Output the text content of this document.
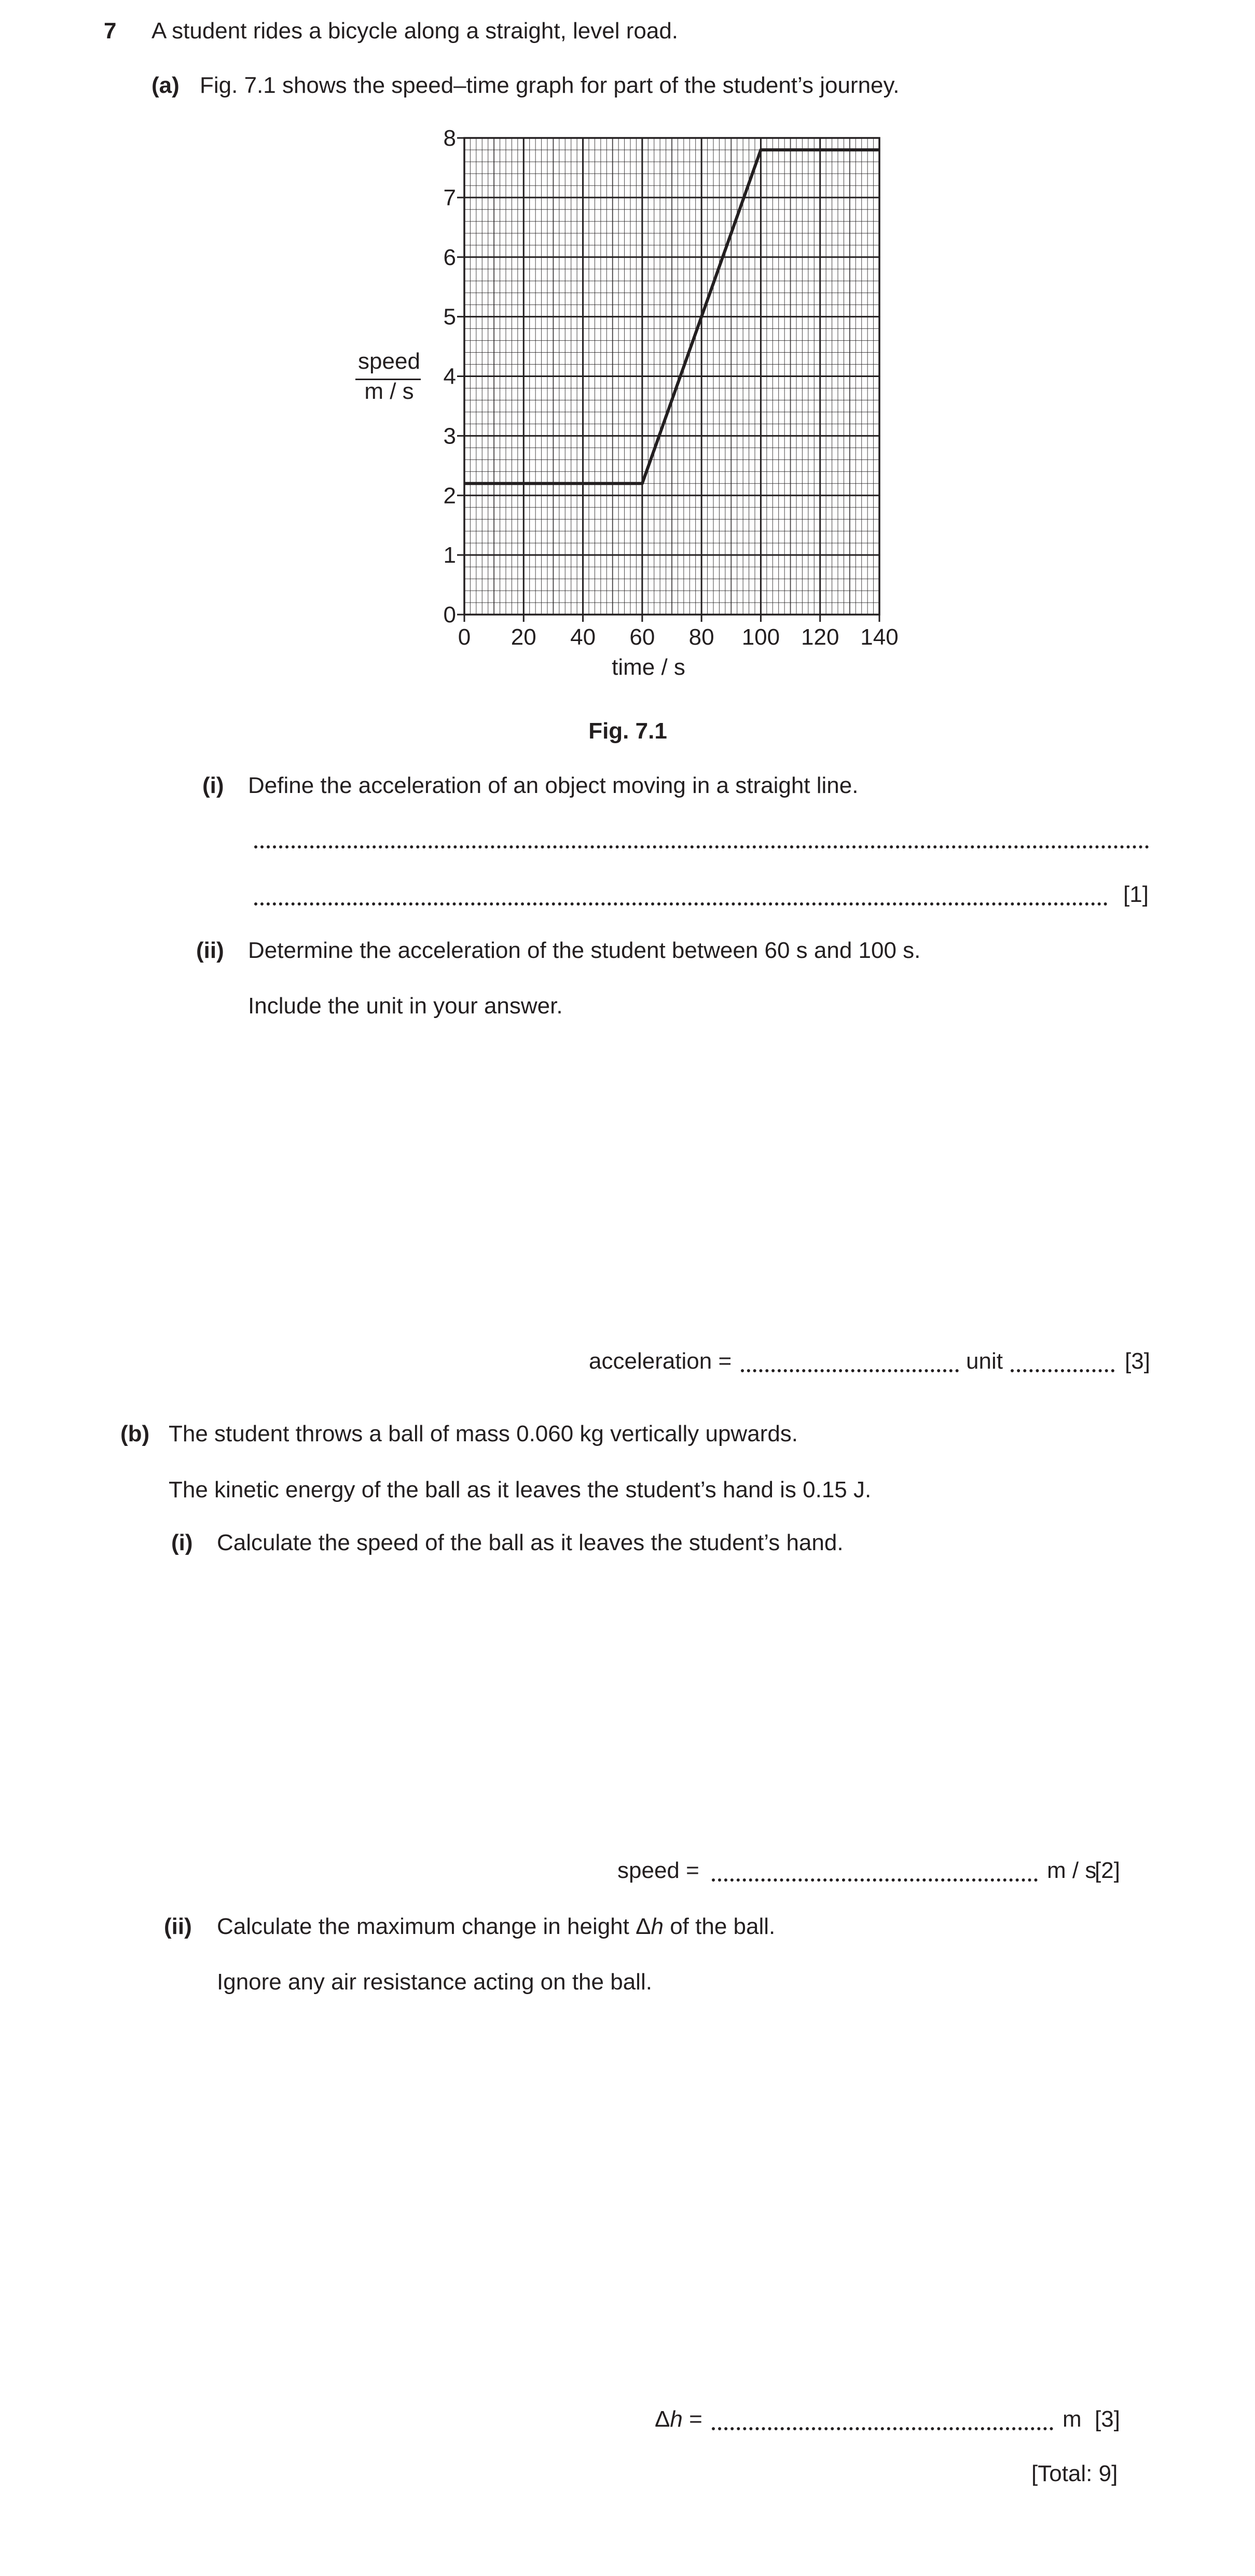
7 A student rides a bicycle along a straight, level road.
(a) Fig. 7.1 shows the speed–time graph for part of the student’s journey.
0 20 40 60 80 100 120 140
0
1
2
3
4
5
6
7
8
speed
m / s
time / s
Fig. 7.1
(i) Define the acceleration of an object moving in a straight line.
[1]
(ii) Determine the acceleration of the student between 60 s and 100 s.
Include the unit in your answer.
acceleration =	unit	[3]
(b) The student throws a ball of mass 0.060 kg vertically upwards.
The kinetic energy of the ball as it leaves the student’s hand is 0.15 J.
(i) Calculate the speed of the ball as it leaves the student’s hand.
speed =	m / s
[2]
(ii) Calculate the maximum change in height Δh of the ball.
Ignore any air resistance acting on the ball.
Δh =	m [3]
[Total: 9]
